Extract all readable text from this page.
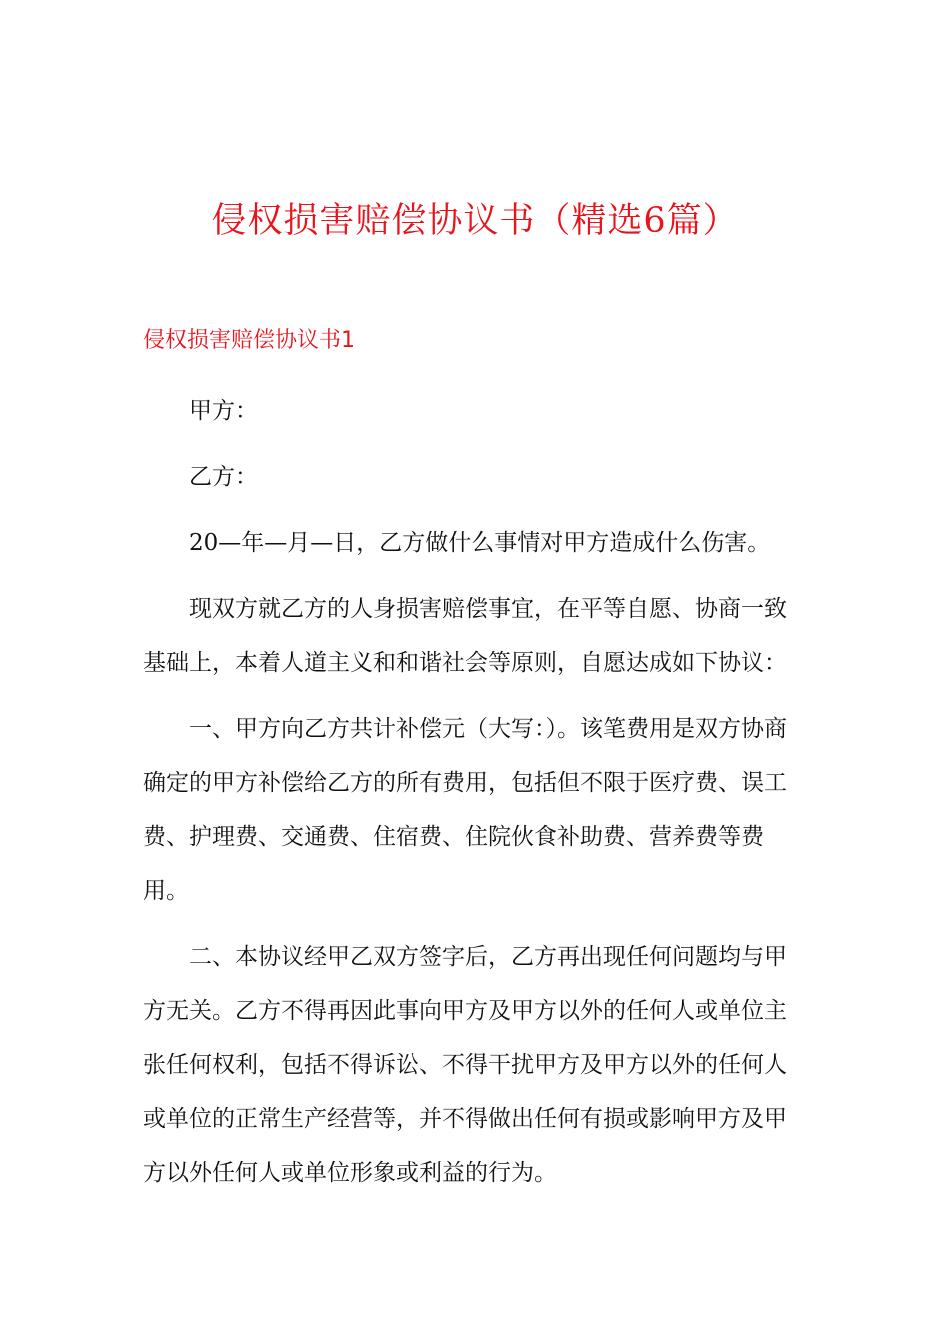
侵权损害赔偿协议书（精选6篇）
侵权损害赔偿协议书1

甲方：

乙方：

20—年—月—日，乙方做什么事情对甲方造成什么伤害。

现双方就乙方的人身损害赔偿事宜，在平等自愿、协商一致基础上，本着人道主义和和谐社会等原则，自愿达成如下协议：

一、甲方向乙方共计补偿元（大写：）。该笔费用是双方协商确定的甲方补偿给乙方的所有费用，包括但不限于医疗费、误工费、护理费、交通费、住宿费、住院伙食补助费、营养费等费用。

二、本协议经甲乙双方签字后，乙方再出现任何问题均与甲方无关。乙方不得再因此事向甲方及甲方以外的任何人或单位主张任何权利，包括不得诉讼、不得干扰甲方及甲方以外的任何人或单位的正常生产经营等，并不得做出任何有损或影响甲方及甲方以外任何人或单位形象或利益的行为。
